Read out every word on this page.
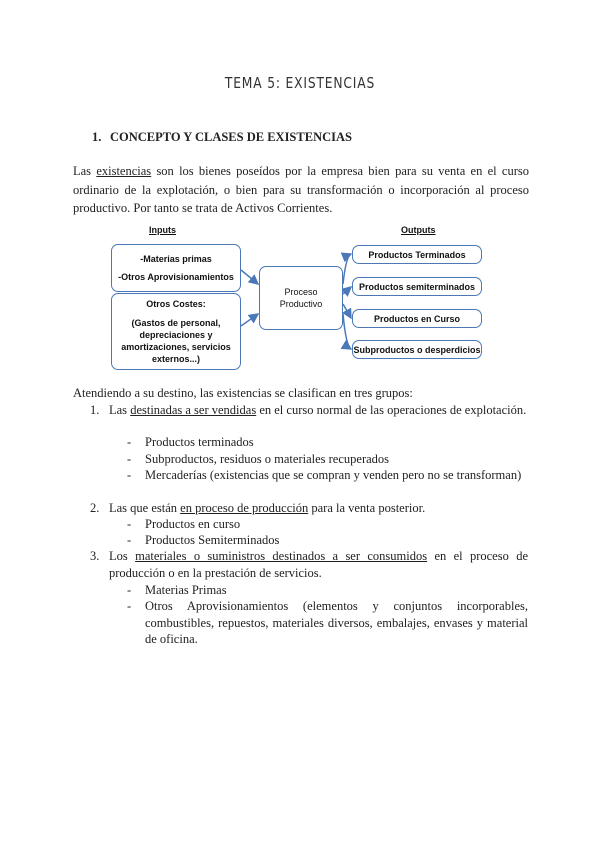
TEMA 5: EXISTENCIAS
1. CONCEPTO Y CLASES DE EXISTENCIAS
Las existencias son los bienes poseídos por la empresa bien para su venta en el curso ordinario de la explotación, o bien para su transformación o incorporación al proceso productivo. Por tanto se trata de Activos Corrientes.
Inputs	Outputs
-Materias primas
-Otros Aprovisionamientos
Otros Costes:
(Gastos de personal, depreciaciones y amortizaciones, servicios externos...)
Proceso
Productivo
Productos Terminados
Productos semiterminados
Productos en Curso
Subproductos o desperdicios
Atendiendo a su destino, las existencias se clasifican en tres grupos:
1. Las destinadas a ser vendidas en el curso normal de las operaciones de explotación.
- Productos terminados
- Subproductos, residuos o materiales recuperados
- Mercaderías (existencias que se compran y venden pero no se transforman)
2. Las que están en proceso de producción para la venta posterior.
- Productos en curso
- Productos Semiterminados
3. Los materiales o suministros destinados a ser consumidos en el proceso de producción o en la prestación de servicios.
- Materias Primas
- Otros Aprovisionamientos (elementos y conjuntos incorporables, combustibles, repuestos, materiales diversos, embalajes, envases y material de oficina.
